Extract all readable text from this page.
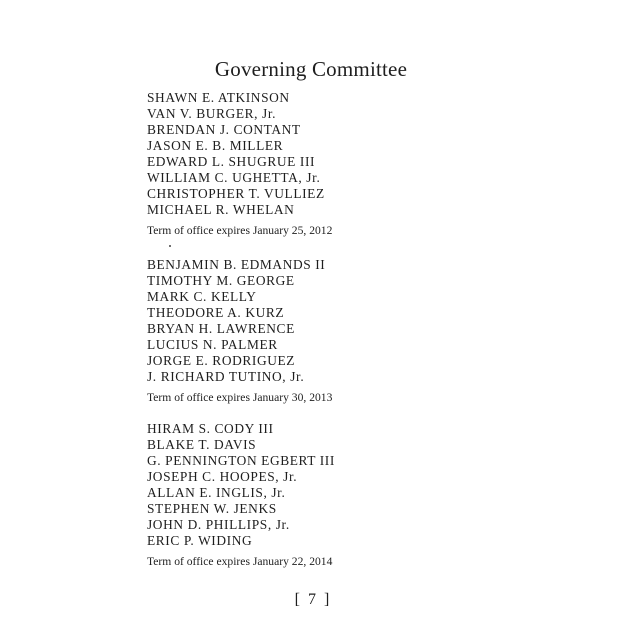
Governing Committee
SHAWN E. ATKINSON
VAN V. BURGER, Jr.
BRENDAN J. CONTANT
JASON E. B. MILLER
EDWARD L. SHUGRUE III
WILLIAM C. UGHETTA, Jr.
CHRISTOPHER T. VULLIEZ
MICHAEL R. WHELAN
Term of office expires January 25, 2012
BENJAMIN B. EDMANDS II
TIMOTHY M. GEORGE
MARK C. KELLY
THEODORE A. KURZ
BRYAN H. LAWRENCE
LUCIUS N. PALMER
JORGE E. RODRIGUEZ
J. RICHARD TUTINO, Jr.
Term of office expires January 30, 2013
HIRAM S. CODY III
BLAKE T. DAVIS
G. PENNINGTON EGBERT III
JOSEPH C. HOOPES, Jr.
ALLAN E. INGLIS, Jr.
STEPHEN W. JENKS
JOHN D. PHILLIPS, Jr.
ERIC P. WIDING
Term of office expires January 22, 2014
[ 7 ]
